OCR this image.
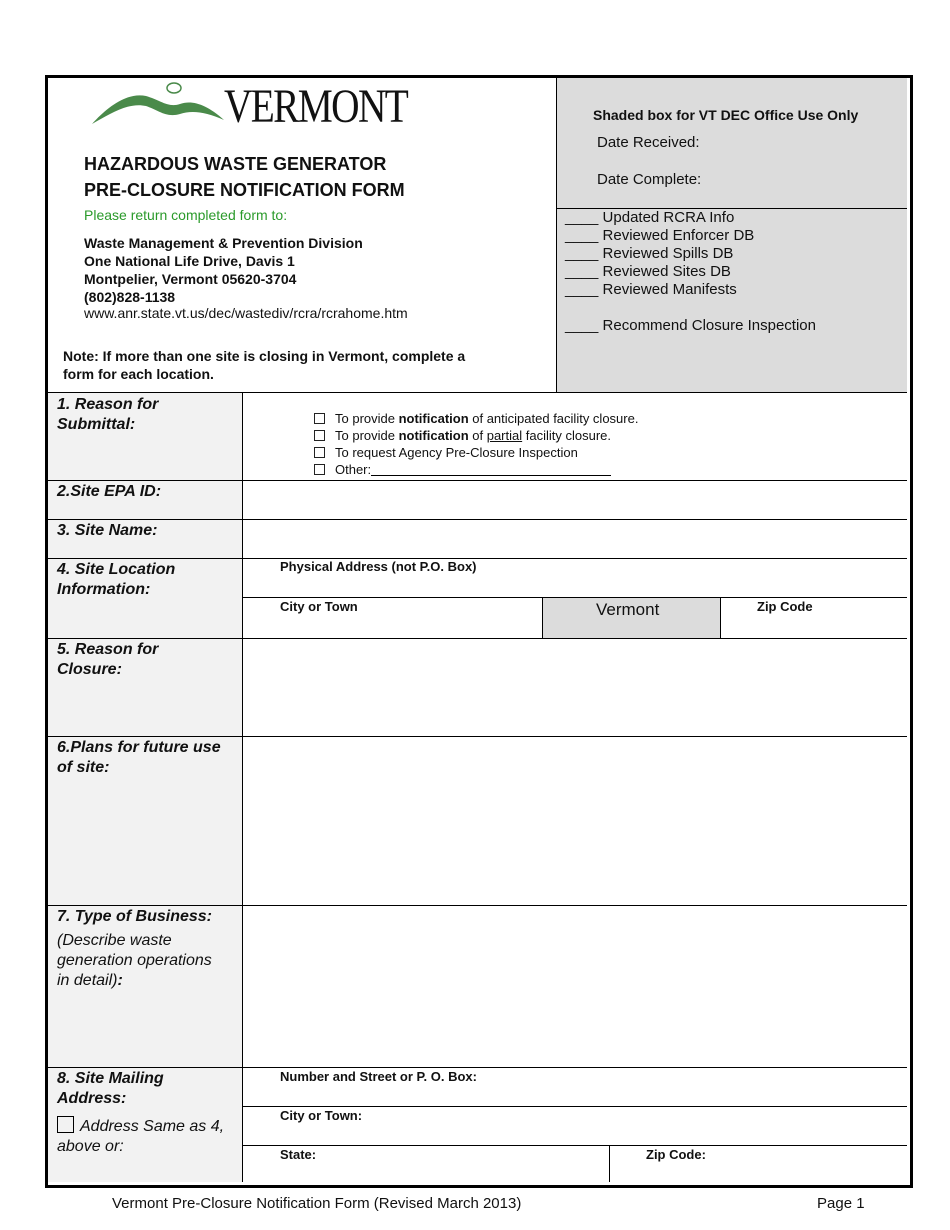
VERMONT
HAZARDOUS WASTE GENERATOR
PRE-CLOSURE NOTIFICATION FORM
Please return completed form to:
Waste Management & Prevention Division
One National Life Drive, Davis 1
Montpelier, Vermont 05620-3704
(802)828-1138
www.anr.state.vt.us/dec/wastediv/rcra/rcrahome.htm
Note: If more than one site is closing in Vermont, complete a
form for each location.
Shaded box for VT DEC Office Use Only
Date Received:
Date Complete:
____ Updated RCRA Info
____ Reviewed Enforcer DB
____ Reviewed Spills DB
____ Reviewed Sites DB
____ Reviewed Manifests
____ Recommend Closure Inspection
1. Reason for
Submittal:	To provide notification of anticipated facility closure.
To provide notification of partial facility closure.
To request Agency Pre-Closure Inspection
Other:
2.Site EPA ID:
3. Site Name:
4. Site Location
Information:
Physical Address (not P.O. Box)
City or Town	Vermont	Zip Code
5. Reason for
Closure:
6.Plans for future use
of site:
7. Type of Business:
(Describe waste
generation operations
in detail):
8. Site Mailing
Address:
Address Same as 4,
above or:
Number and Street or P. O. Box:
City or Town:
State:	Zip Code:
Vermont Pre-Closure Notification Form (Revised March 2013)	Page 1
